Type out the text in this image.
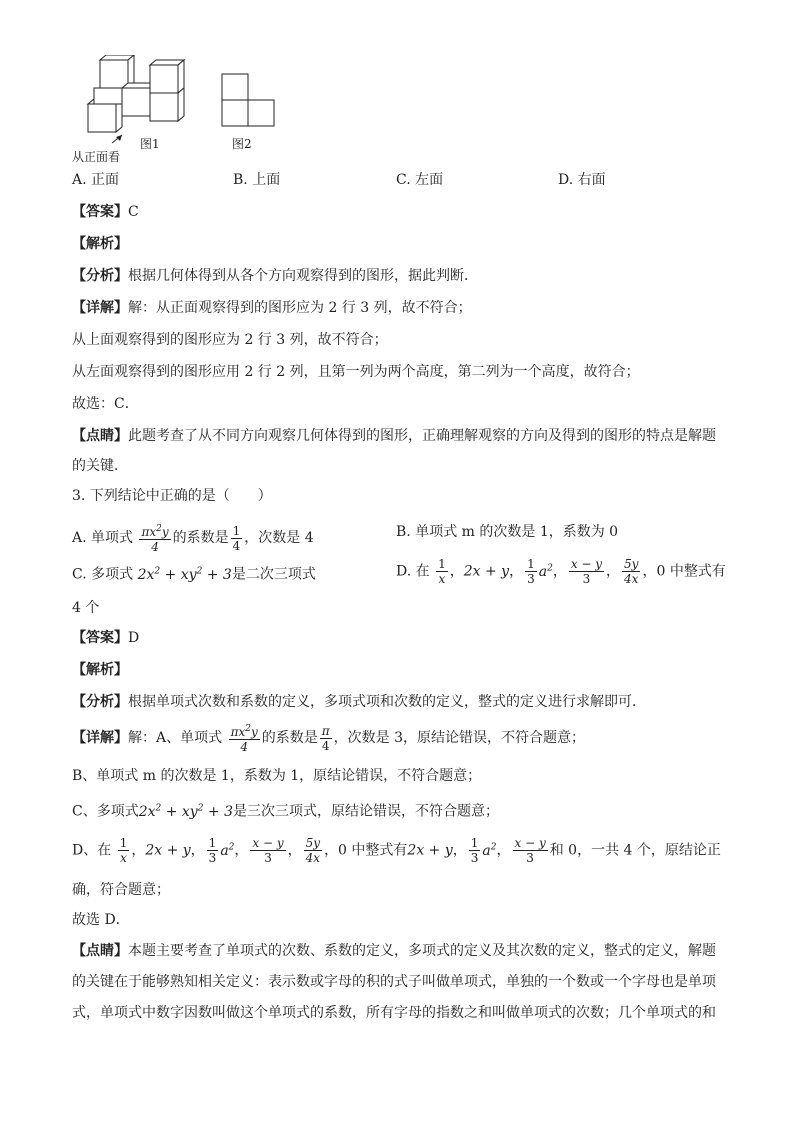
从正面看
图1	图2
A. 正面	B. 上面	C. 左面	D. 右面
【答案】C
【解析】
【分析】根据几何体得到从各个方向观察得到的图形，据此判断．
【详解】解：从正面观察得到的图形应为 2 行 3 列，故不符合；
从上面观察得到的图形应为 2 行 3 列，故不符合；
从左面观察得到的图形应用 2 行 2 列，且第一列为两个高度，第二列为一个高度，故符合；
故选：C．
【点睛】此题考查了从不同方向观察几何体得到的图形，正确理解观察的方向及得到的图形的特点是解题
的关键．
3. 下列结论中正确的是（　　）
A. 单项式 $\frac{\pi x^2y}{4}$ 的系数是 $\frac{1}{4}$ ，次数是 4	B. 单项式 m 的次数是 1，系数为 0
C. 多项式 $2x^2 + xy^2 + 3$是二次三项式	D. 在 $\frac{1}{x}$ ，2x + y， $\frac{1}{3} a^2$， $\frac{x - y}{3}$ ， $\frac{5y}{4x}$ ，0 中整式有
4 个
【答案】D
【解析】
【分析】根据单项式次数和系数的定义，多项式项和次数的定义，整式的定义进行求解即可．
【详解】解：A、单项式 $\frac{\pi x^2y}{4}$ 的系数是 $\frac{\pi}{4}$ ，次数是 3，原结论错误，不符合题意；
B、单项式 m 的次数是 1，系数为 1，原结论错误，不符合题意；
C、多项式$2x^2 + xy^2 + 3$是三次三项式，原结论错误，不符合题意；
D、在 $\frac{1}{x}$ ，2x + y， $\frac{1}{3} a^2$， $\frac{x - y}{3}$ ， $\frac{5y}{4x}$ ，0 中整式有2x + y， $\frac{1}{3} a^2$， $\frac{x - y}{3}$ 和 0，一共 4 个，原结论正
确，符合题意；
故选 D．
【点睛】本题主要考查了单项式的次数、系数的定义，多项式的定义及其次数的定义，整式的定义，解题
的关键在于能够熟知相关定义：表示数或字母的积的式子叫做单项式，单独的一个数或一个字母也是单项
式，单项式中数字因数叫做这个单项式的系数，所有字母的指数之和叫做单项式的次数；几个单项式的和
